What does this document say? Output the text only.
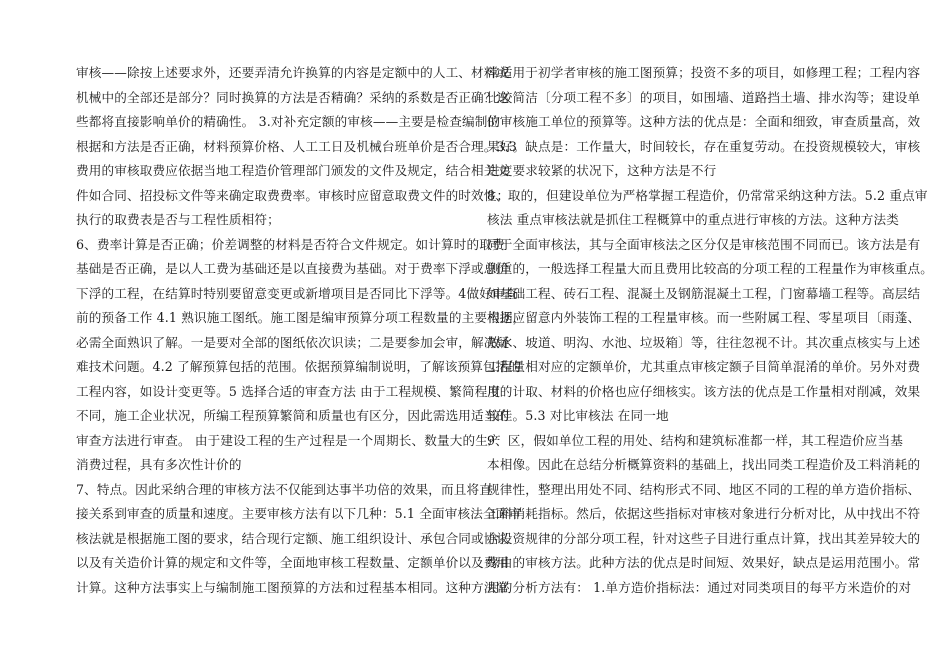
审核——除按上述要求外，还要弄清允许换算的内容是定额中的人工、材料或
机械中的全部还是部分？同时换算的方法是否精确？采纳的系数是否正确？这
些都将直接影响单价的精确性。 3.对补充定额的审核——主要是检查编制的
根据和方法是否正确，材料预算价格、人工工日及机械台班单价是否合理。3.3
费用的审核取费应依据当地工程造价管理部门颁发的文件及规定，结合相关文
件如合同、招投标文件等来确定取费费率。审核时应留意取费文件的时效性；
执行的取费表是否与工程性质相符；
6、费率计算是否正确；价差调整的材料是否符合文件规定。如计算时的取费
基础是否正确，是以人工费为基础还是以直接费为基础。对于费率下浮或总价
下浮的工程，在结算时特别要留意变更或新增项目是否同比下浮等。4做好审查
前的预备工作 4.1 熟识施工图纸。施工图是编审预算分项工程数量的主要根据，
必需全面熟识了解。一是要对全部的图纸依次识读；二是要参加会审，解决疑
难技术问题。4.2 了解预算包括的范围。依据预算编制说明，了解该预算包括的
工程内容，如设计变更等。5 选择合适的审查方法 由于工程规模、繁简程度
不同，施工企业状况，所编工程预算繁简和质量也有区分，因此需选用适当的
审查方法进行审查。 由于建设工程的生产过程是一个周期长、数量大的生产
消费过程，具有多次性计价的
7、特点。因此采纳合理的审核方法不仅能到达事半功倍的效果，而且将直
接关系到审查的质量和速度。主要审核方法有以下几种：5.1 全面审核法全面审
核法就是根据施工图的要求，结合现行定额、施工组织设计、承包合同或协议
以及有关造价计算的规定和文件等，全面地审核工程数量、定额单价以及费用
计算。这种方法事实上与编制施工图预算的方法和过程基本相同。这种方法常
常适用于初学者审核的施工图预算；投资不多的项目，如修理工程；工程内容
比较简洁〔分项工程不多〕的项目，如围墙、道路挡土墙、排水沟等；建设单
位审核施工单位的预算等。这种方法的优点是：全面和细致，审查质量高，效
果好。缺点是：工作量大，时间较长，存在重复劳动。在投资规模较大，审核
进度要求较紧的状况下，这种方法是不行
8、取的，但建设单位为严格掌握工程造价，仍常常采纳这种方法。5.2 重点审
核法 重点审核法就是抓住工程概算中的重点进行审核的方法。这种方法类
同于全面审核法，其与全面审核法之区分仅是审核范围不同而已。该方法是有
侧重的，一般选择工程量大而且费用比较高的分项工程的工程量作为审核重点。
如基础工程、砖石工程、混凝土及钢筋混凝土工程，门窗幕墙工程等。高层结
构还应留意内外装饰工程的工程量审核。而一些附属工程、零星项目〔雨蓬、
散水、坡道、明沟、水池、垃圾箱〕等，往往忽视不计。其次重点核实与上述
工程量相对应的定额单价，尤其重点审核定额子目简单混淆的单价。另外对费
用的计取、材料的价格也应仔细核实。该方法的优点是工作量相对削减，效果
较佳。5.3 对比审核法 在同一地
9、区，假如单位工程的用处、结构和建筑标准都一样，其工程造价应当基
本相像。因此在总结分析概算资料的基础上，找出同类工程造价及工料消耗的
规律性，整理出用处不同、结构形式不同、地区不同的工程的单方造价指标、
工料消耗指标。然后，依据这些指标对审核对象进行分析对比，从中找出不符
合投资规律的分部分项工程，针对这些子目进行重点计算，找出其差异较大的
缘由的审核方法。此种方法的优点是时间短、效果好，缺点是运用范围小。常
用的分析方法有： 1.单方造价指标法：通过对同类项目的每平方米造价的对
